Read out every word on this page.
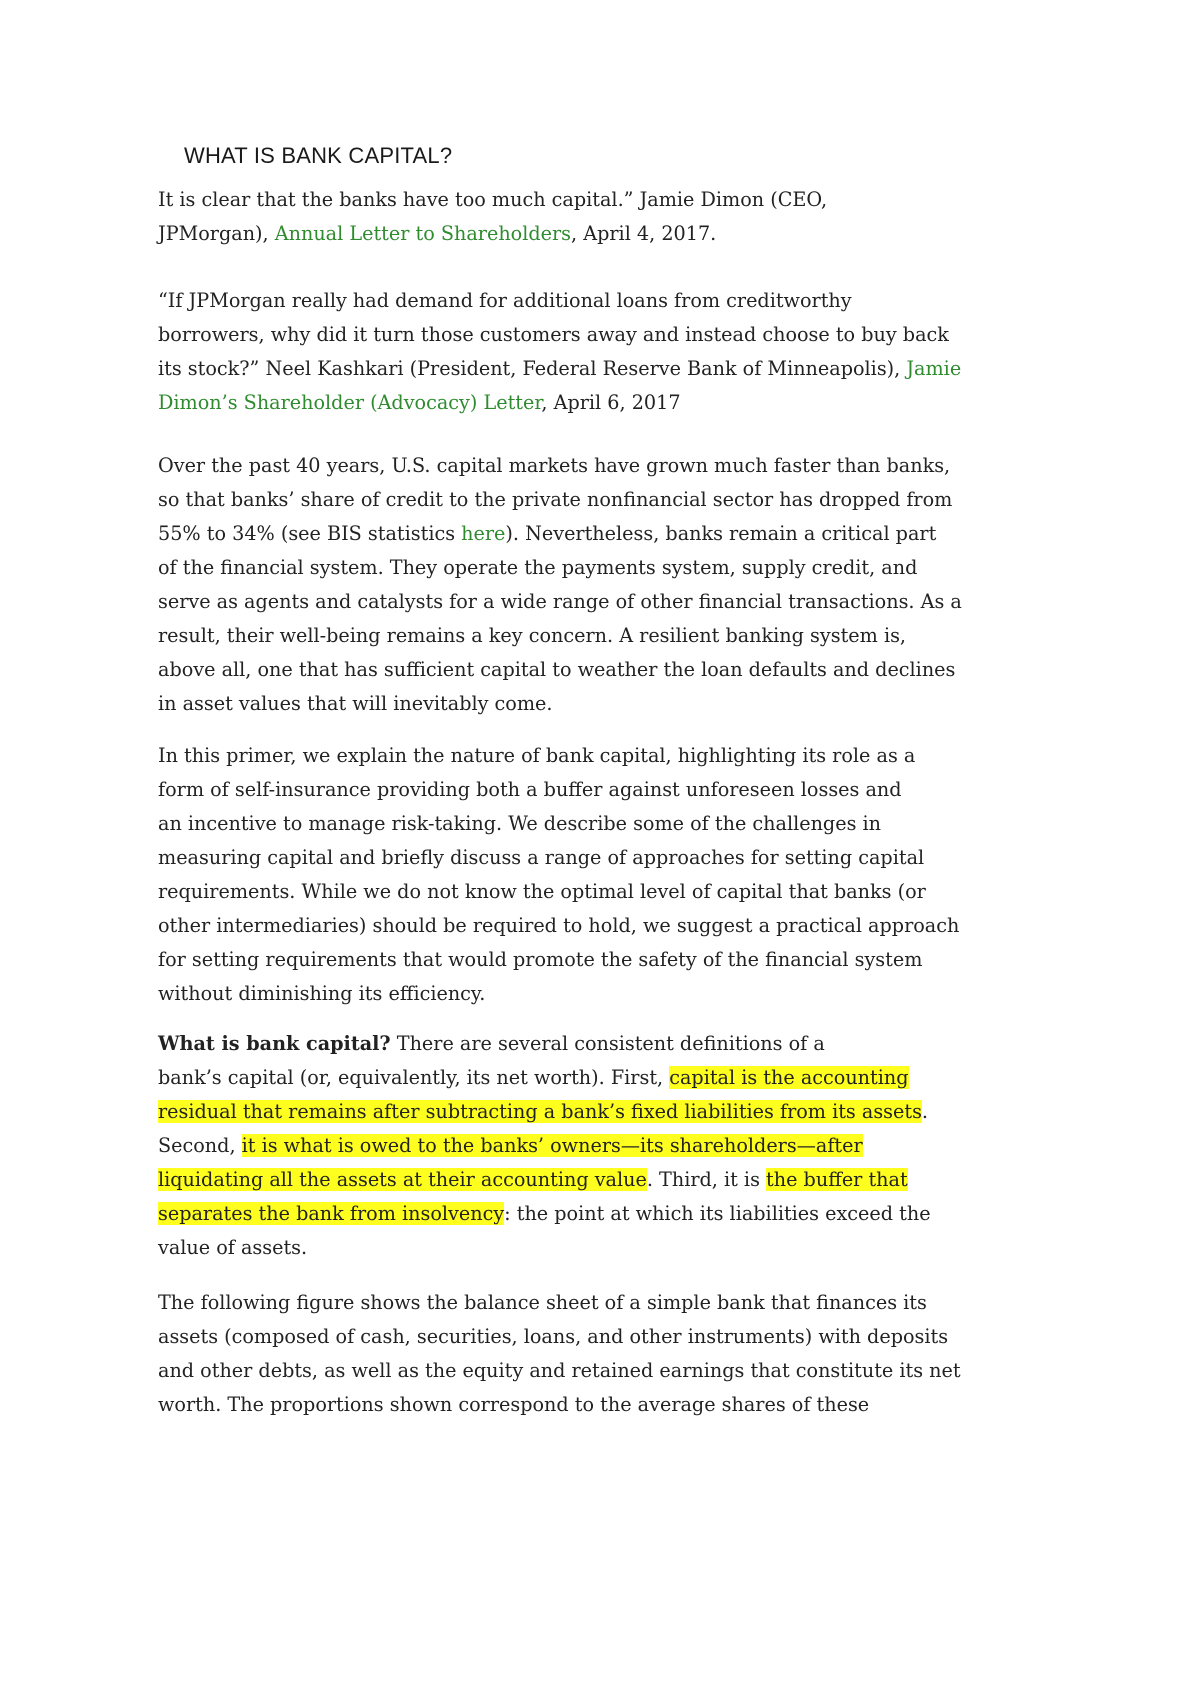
WHAT IS BANK CAPITAL?
It is clear that the banks have too much capital.” Jamie Dimon (CEO,
JPMorgan), Annual Letter to Shareholders, April 4, 2017.
“If JPMorgan really had demand for additional loans from creditworthy
borrowers, why did it turn those customers away and instead choose to buy back
its stock?” Neel Kashkari (President, Federal Reserve Bank of Minneapolis), Jamie
Dimon’s Shareholder (Advocacy) Letter, April 6, 2017
Over the past 40 years, U.S. capital markets have grown much faster than banks,
so that banks’ share of credit to the private nonfinancial sector has dropped from
55% to 34% (see BIS statistics here). Nevertheless, banks remain a critical part
of the financial system. They operate the payments system, supply credit, and
serve as agents and catalysts for a wide range of other financial transactions. As a
result, their well-being remains a key concern. A resilient banking system is,
above all, one that has sufficient capital to weather the loan defaults and declines
in asset values that will inevitably come.
In this primer, we explain the nature of bank capital, highlighting its role as a
form of self-insurance providing both a buffer against unforeseen losses and
an incentive to manage risk-taking. We describe some of the challenges in
measuring capital and briefly discuss a range of approaches for setting capital
requirements. While we do not know the optimal level of capital that banks (or
other intermediaries) should be required to hold, we suggest a practical approach
for setting requirements that would promote the safety of the financial system
without diminishing its efficiency.
What is bank capital? There are several consistent definitions of a
bank’s capital (or, equivalently, its net worth). First, capital is the accounting
residual that remains after subtracting a bank’s fixed liabilities from its assets.
Second, it is what is owed to the banks’ owners—its shareholders—after
liquidating all the assets at their accounting value. Third, it is the buffer that
separates the bank from insolvency: the point at which its liabilities exceed the
value of assets.
The following figure shows the balance sheet of a simple bank that finances its
assets (composed of cash, securities, loans, and other instruments) with deposits
and other debts, as well as the equity and retained earnings that constitute its net
worth. The proportions shown correspond to the average shares of these
